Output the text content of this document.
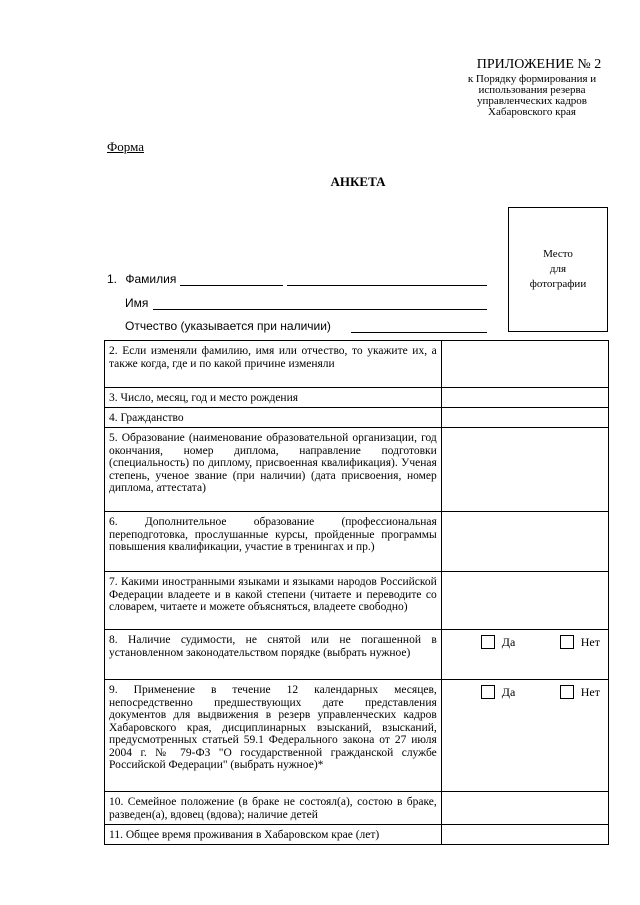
ПРИЛОЖЕНИЕ № 2
к Порядку формирования и
использования резерва
управленческих кадров
Хабаровского края
Форма
АНКЕТА
Место
для
фотографии
1. Фамилия
Имя
Отчество (указывается при наличии)
2. Если изменяли фамилию, имя или отчество, то укажите их, а также когда, где и по какой причине изменяли	
3. Число, месяц, год и место рождения	
4. Гражданство	
5. Образование (наименование образовательной организации, год окончания, номер диплома, направление подготовки (специальность) по диплому, присвоенная квалификация). Ученая степень, ученое звание (при наличии) (дата присвоения, номер диплома, аттестата)	
6. Дополнительное образование (профессиональная переподготовка, прослушанные курсы, пройденные программы повышения квалификации, участие в тренингах и пр.)	
7. Какими иностранными языками и языками народов Российской Федерации владеете и в какой степени (читаете и переводите со словарем, читаете и можете объясняться, владеете свободно)	
8. Наличие судимости, не снятой или не погашенной в установленном законодательством порядке (выбрать нужное)	Да Нет

9. Применение в течение 12 календарных месяцев, непосредственно предшествующих дате представления документов для выдвижения в резерв управленческих кадров Хабаровского края, дисциплинарных взысканий, взысканий, предусмотренных статьей 59.1 Федерального закона от 27 июля 2004 г. № 79-ФЗ "О государственной гражданской службе Российской Федерации" (выбрать нужное)*	Да Нет

10. Семейное положение (в браке не состоял(а), состою в браке, разведен(а), вдовец (вдова); наличие детей	
11. Общее время проживания в Хабаровском крае (лет)	
